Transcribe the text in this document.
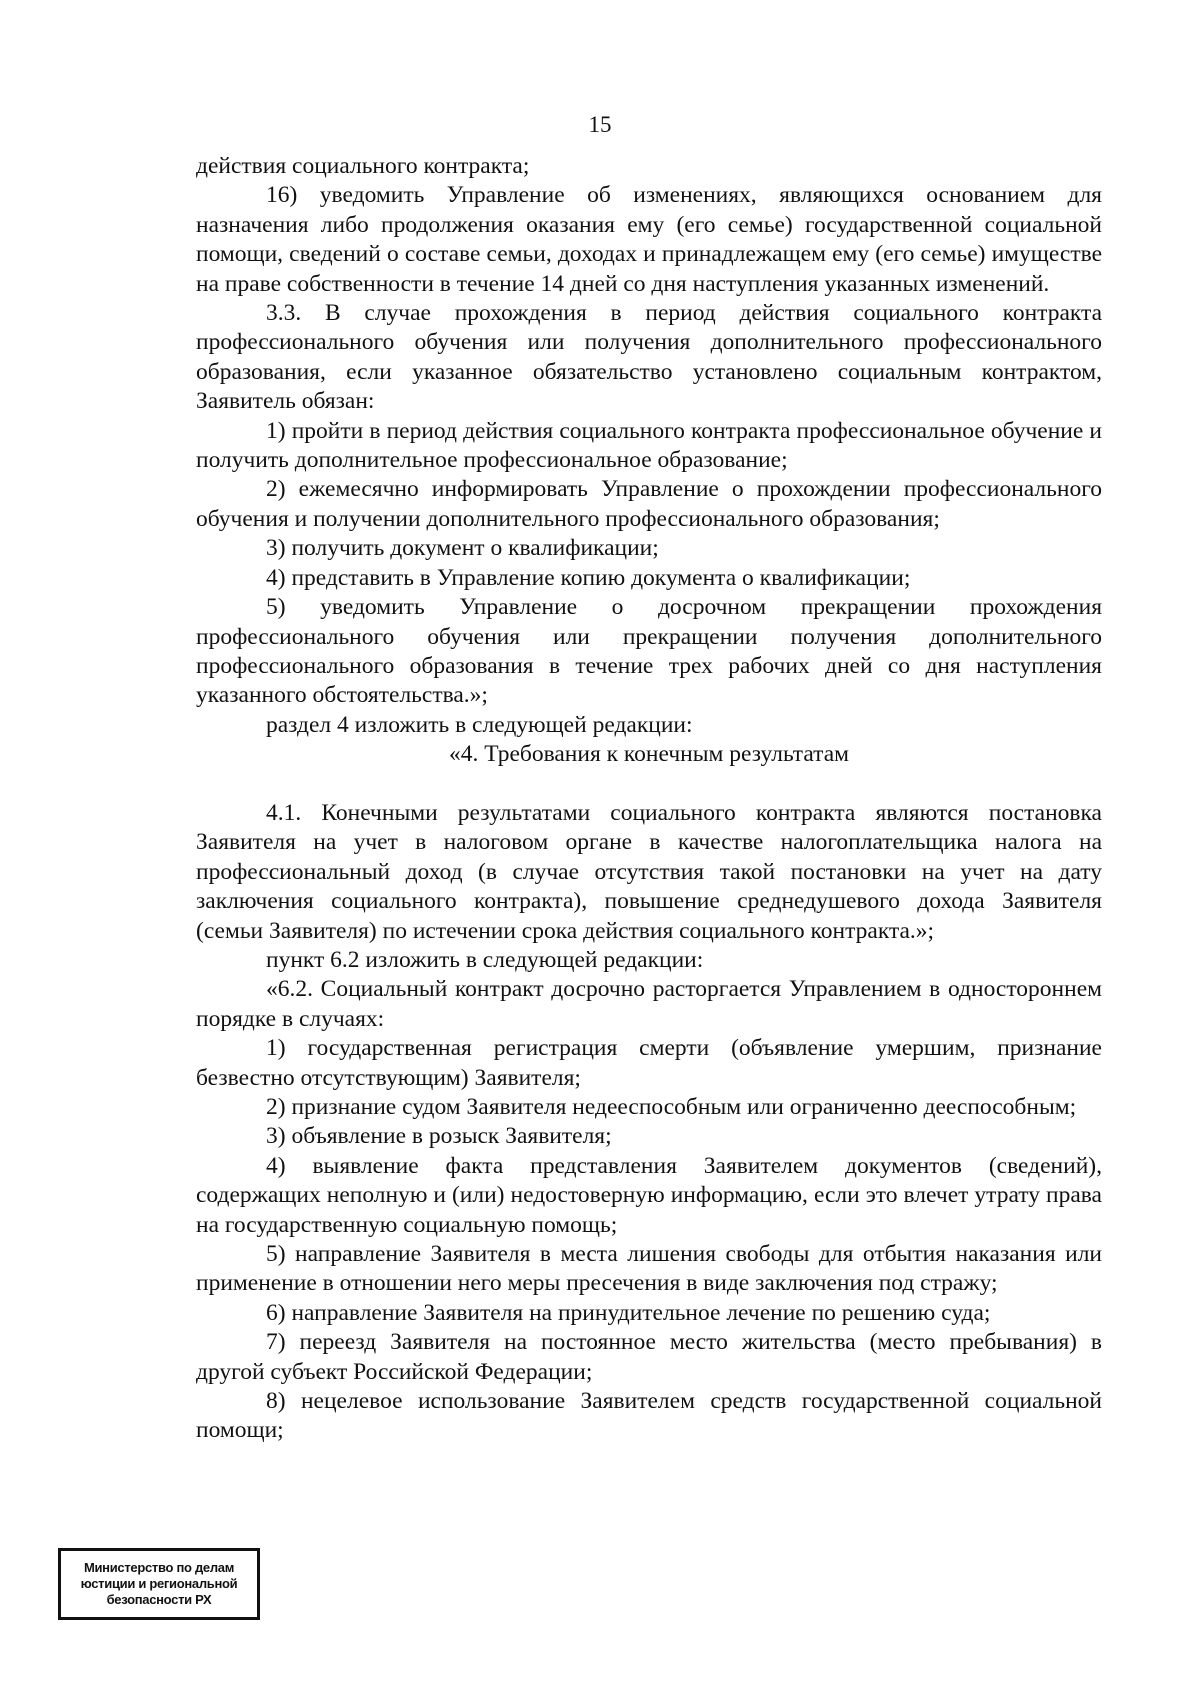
15

действия социального контракта;

16) уведомить Управление об изменениях, являющихся основанием для назначения либо продолжения оказания ему (его семье) государственной социальной помощи, сведений о составе семьи, доходах и принадлежащем ему (его семье) имуществе на праве собственности в течение 14 дней со дня наступления указанных изменений.

3.3. В случае прохождения в период действия социального контракта профессионального обучения или получения дополнительного профессионального образования, если указанное обязательство установлено социальным контрактом, Заявитель обязан:

1) пройти в период действия социального контракта профессиональное обучение и получить дополнительное профессиональное образование;

2) ежемесячно информировать Управление о прохождении профессионального обучения и получении дополнительного профессионального образования;

3) получить документ о квалификации;

4) представить в Управление копию документа о квалификации;

5) уведомить Управление о досрочном прекращении прохождения профессионального обучения или прекращении получения дополнительного профессионального образования в течение трех рабочих дней со дня наступления указанного обстоятельства.»;

раздел 4 изложить в следующей редакции:

«4. Требования к конечным результатам

4.1. Конечными результатами социального контракта являются постановка Заявителя на учет в налоговом органе в качестве налогоплательщика налога на профессиональный доход (в случае отсутствия такой постановки на учет на дату заключения социального контракта), повышение среднедушевого дохода Заявителя (семьи Заявителя) по истечении срока действия социального контракта.»;

пункт 6.2 изложить в следующей редакции:

«6.2. Социальный контракт досрочно расторгается Управлением в одностороннем порядке в случаях:

1) государственная регистрация смерти (объявление умершим, признание безвестно отсутствующим) Заявителя;

2) признание судом Заявителя недееспособным или ограниченно дееспособным;

3) объявление в розыск Заявителя;

4) выявление факта представления Заявителем документов (сведений), содержащих неполную и (или) недостоверную информацию, если это влечет утрату права на государственную социальную помощь;

5) направление Заявителя в места лишения свободы для отбытия наказания или применение в отношении него меры пресечения в виде заключения под стражу;

6) направление Заявителя на принудительное лечение по решению суда;

7) переезд Заявителя на постоянное место жительства (место пребывания) в другой субъект Российской Федерации;

8) нецелевое использование Заявителем средств государственной социальной помощи;

Министерство по делам
юстиции и региональной
безопасности РХ
